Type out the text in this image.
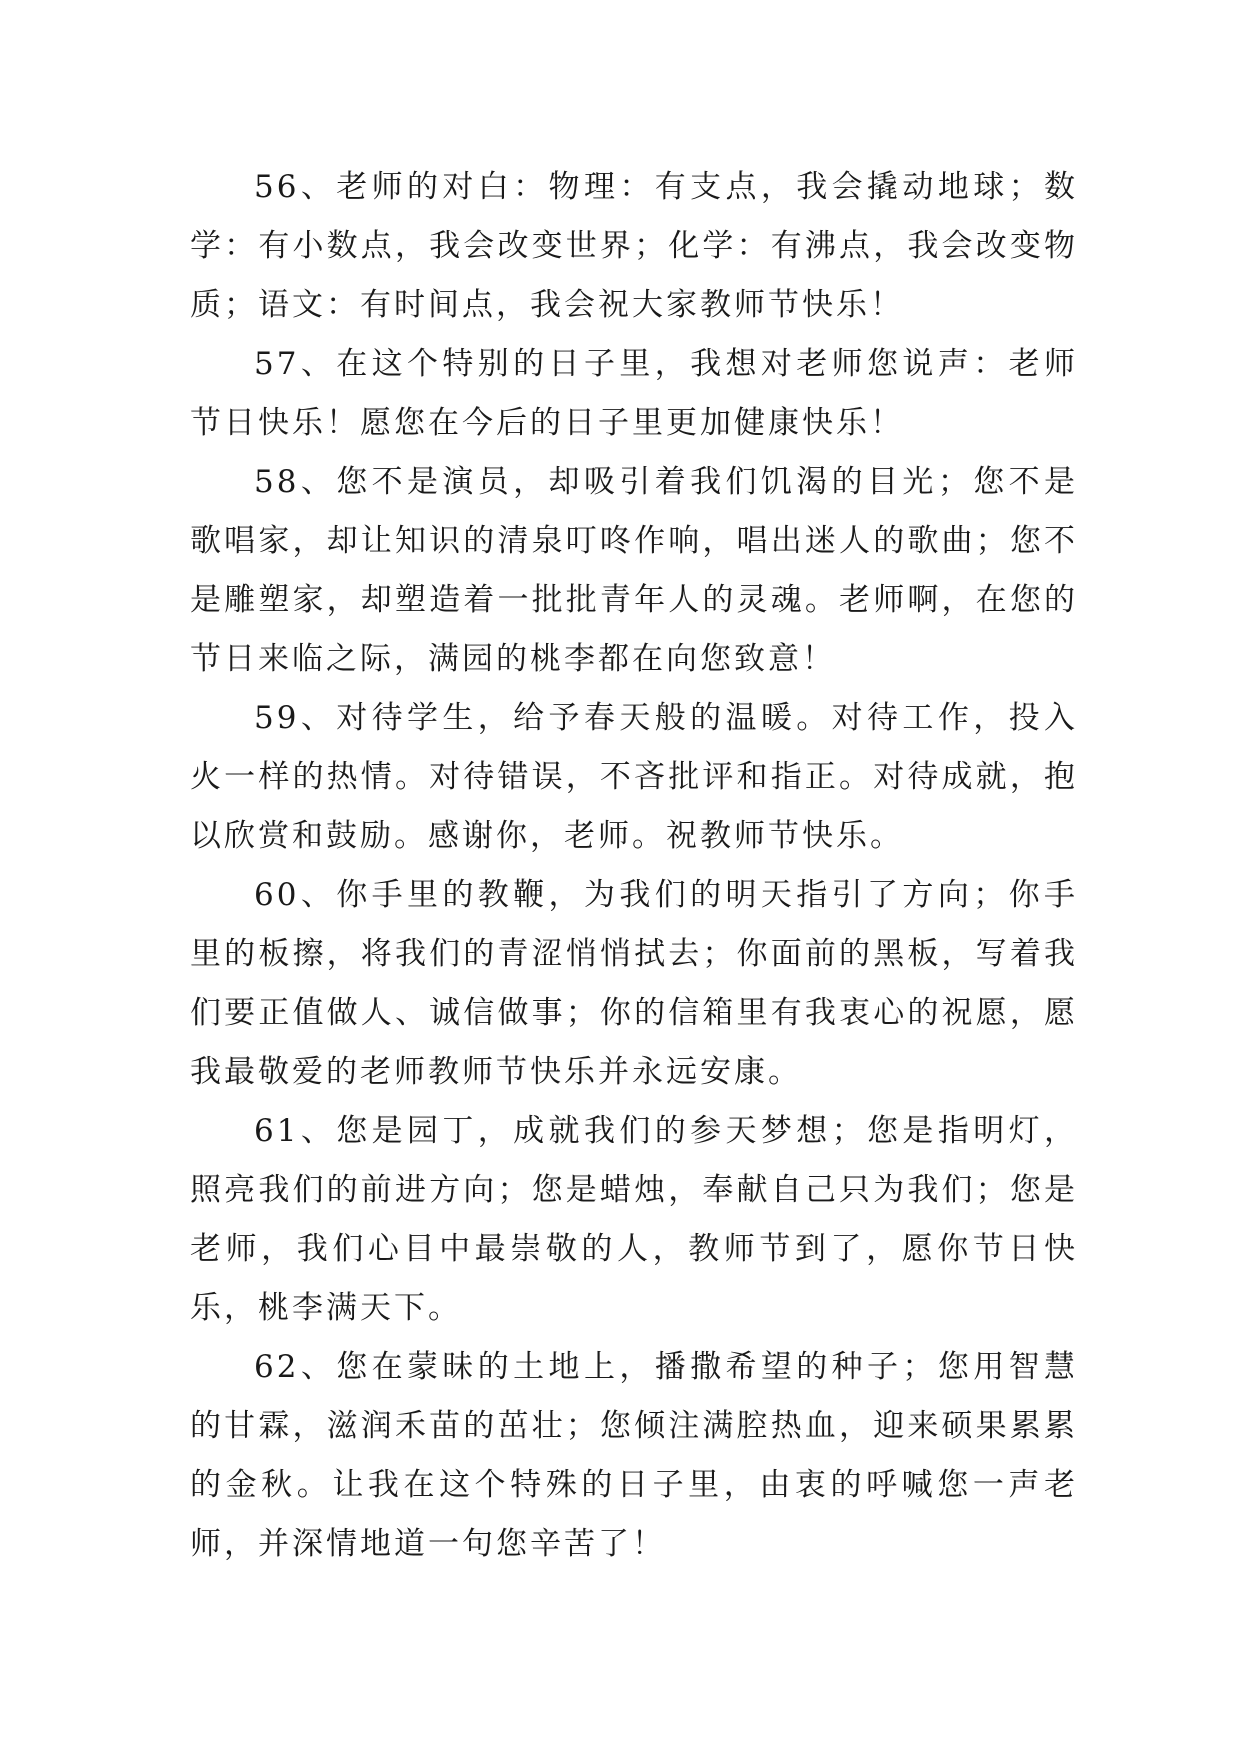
56、老师的对白：物理：有支点，我会撬动地球；数学：有小数点，我会改变世界；化学：有沸点，我会改变物质；语文：有时间点，我会祝大家教师节快乐！

57、在这个特别的日子里，我想对老师您说声：老师节日快乐！愿您在今后的日子里更加健康快乐！

58、您不是演员，却吸引着我们饥渴的目光；您不是歌唱家，却让知识的清泉叮咚作响，唱出迷人的歌曲；您不是雕塑家，却塑造着一批批青年人的灵魂。老师啊，在您的节日来临之际，满园的桃李都在向您致意！

59、对待学生，给予春天般的温暖。对待工作，投入火一样的热情。对待错误，不吝批评和指正。对待成就，抱以欣赏和鼓励。感谢你，老师。祝教师节快乐。

60、你手里的教鞭，为我们的明天指引了方向；你手里的板擦，将我们的青涩悄悄拭去；你面前的黑板，写着我们要正值做人、诚信做事；你的信箱里有我衷心的祝愿，愿我最敬爱的老师教师节快乐并永远安康。

61、您是园丁，成就我们的参天梦想；您是指明灯，照亮我们的前进方向；您是蜡烛，奉献自己只为我们；您是老师，我们心目中最崇敬的人，教师节到了，愿你节日快乐，桃李满天下。

62、您在蒙昧的土地上，播撒希望的种子；您用智慧的甘霖，滋润禾苗的茁壮；您倾注满腔热血，迎来硕果累累的金秋。让我在这个特殊的日子里，由衷的呼喊您一声老师，并深情地道一句您辛苦了！
